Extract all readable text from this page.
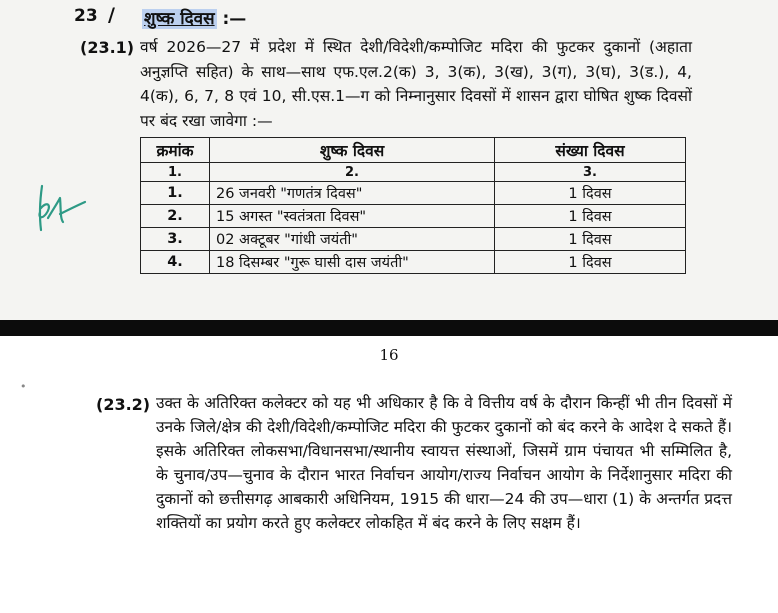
23 / शुष्क दिवस :—
(23.1) वर्ष 2026—27 में प्रदेश में स्थित देशी/विदेशी/कम्पोजिट मदिरा की फुटकर दुकानों (अहाता अनुज्ञप्ति सहित) के साथ—साथ एफ.एल.2(क) 3, 3(क), 3(ख), 3(ग), 3(घ), 3(ड.), 4, 4(क), 6, 7, 8 एवं 10, सी.एस.1—ग को निम्नानुसार दिवसों में शासन द्वारा घोषित शुष्क दिवसों पर बंद रखा जावेगा :—
क्रमांक	शुष्क दिवस	संख्या दिवस
1.	2.	3.
1.	26 जनवरी "गणतंत्र दिवस"	1 दिवस
2.	15 अगस्त "स्वतंत्रता दिवस"	1 दिवस
3.	02 अक्टूबर "गांधी जयंती"	1 दिवस
4.	18 दिसम्बर "गुरू घासी दास जयंती"	1 दिवस
16
•
(23.2) उक्त के अतिरिक्त कलेक्टर को यह भी अधिकार है कि वे वित्तीय वर्ष के दौरान किन्हीं भी तीन दिवसों में उनके जिले/क्षेत्र की देशी/विदेशी/कम्पोजिट मदिरा की फुटकर दुकानों को बंद करने के आदेश दे सकते हैं। इसके अतिरिक्त लोकसभा/विधानसभा/स्थानीय स्वायत्त संस्थाओं, जिसमें ग्राम पंचायत भी सम्मिलित है, के चुनाव/उप—चुनाव के दौरान भारत निर्वाचन आयोग/राज्य निर्वाचन आयोग के निर्देशानुसार मदिरा की दुकानों को छत्तीसगढ़ आबकारी अधिनियम, 1915 की धारा—24 की उप—धारा (1) के अन्तर्गत प्रदत्त शक्तियों का प्रयोग करते हुए कलेक्टर लोकहित में बंद करने के लिए सक्षम हैं।
